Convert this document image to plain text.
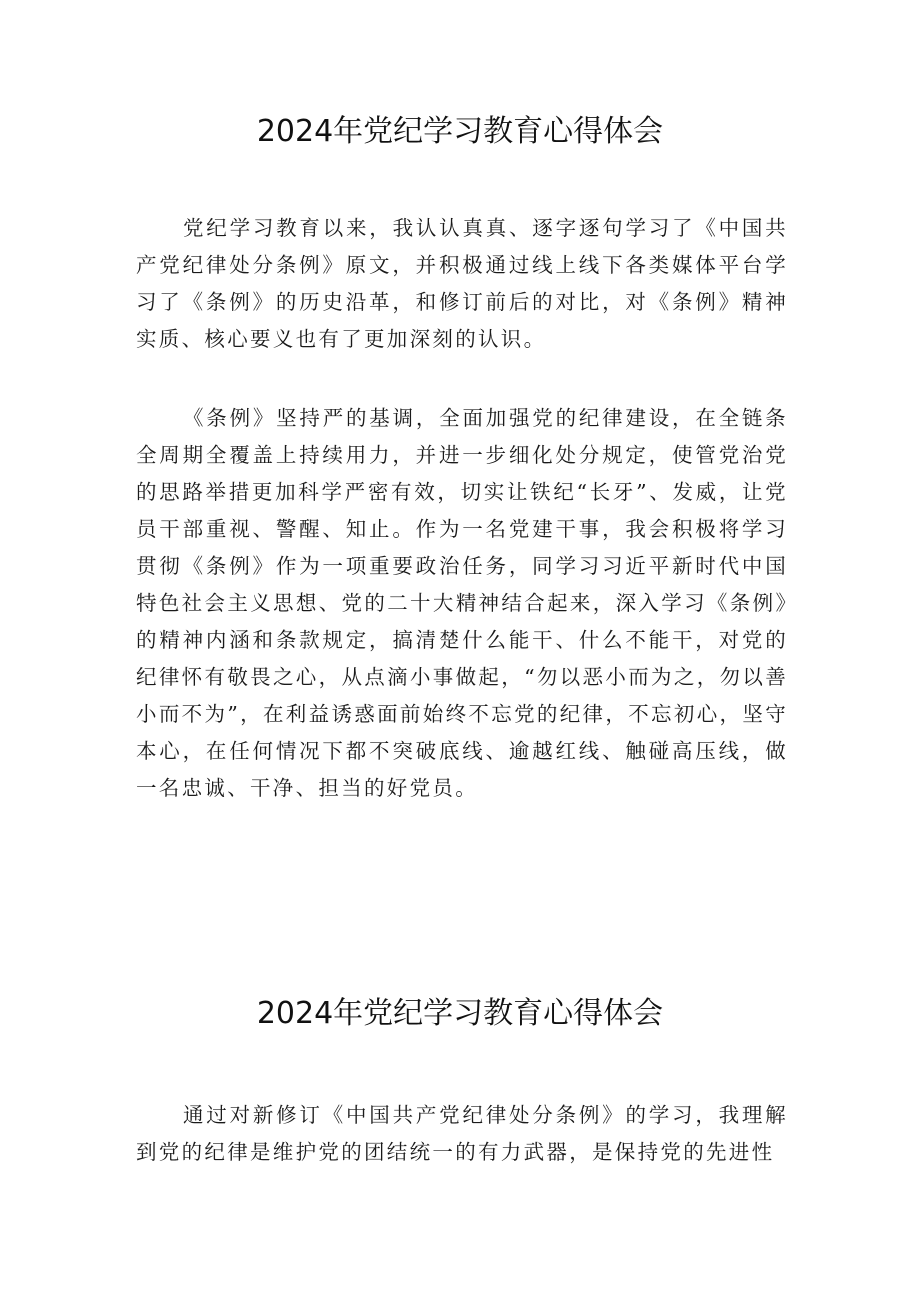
2024年党纪学习教育心得体会

党纪学习教育以来，我认认真真、逐字逐句学习了《中国共产党纪律处分条例》原文，并积极通过线上线下各类媒体平台学习了《条例》的历史沿革，和修订前后的对比，对《条例》精神实质、核心要义也有了更加深刻的认识。

《条例》坚持严的基调，全面加强党的纪律建设，在全链条全周期全覆盖上持续用力，并进一步细化处分规定，使管党治党的思路举措更加科学严密有效，切实让铁纪“长牙”、发威，让党员干部重视、警醒、知止。作为一名党建干事，我会积极将学习贯彻《条例》作为一项重要政治任务，同学习习近平新时代中国特色社会主义思想、党的二十大精神结合起来，深入学习《条例》的精神内涵和条款规定，搞清楚什么能干、什么不能干，对党的纪律怀有敬畏之心，从点滴小事做起，“勿以恶小而为之，勿以善小而不为”，在利益诱惑面前始终不忘党的纪律，不忘初心，坚守本心，在任何情况下都不突破底线、逾越红线、触碰高压线，做一名忠诚、干净、担当的好党员。

2024年党纪学习教育心得体会

通过对新修订《中国共产党纪律处分条例》的学习，我理解到党的纪律是维护党的团结统一的有力武器，是保持党的先进性
